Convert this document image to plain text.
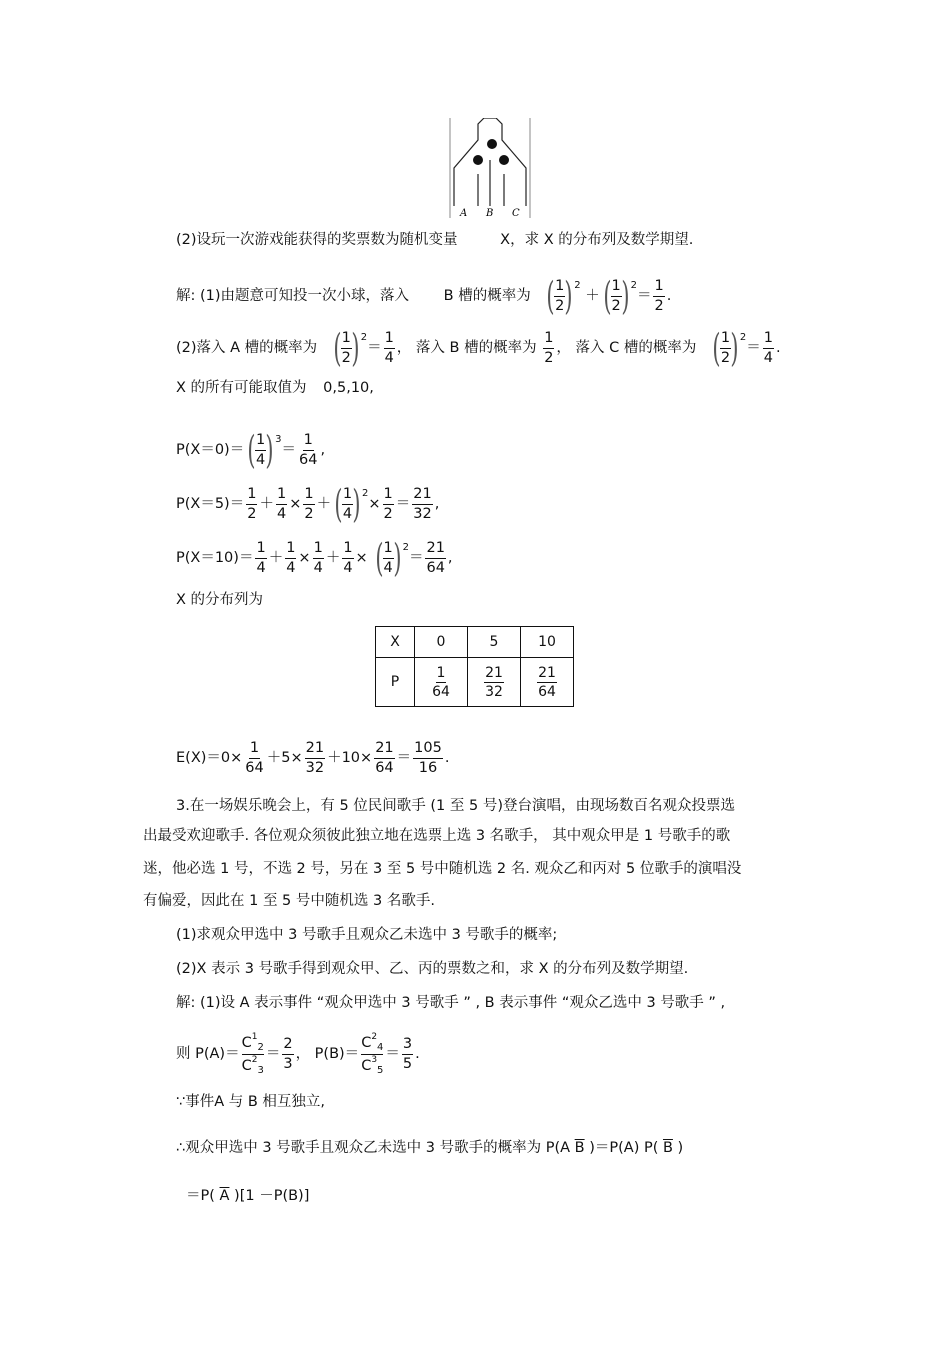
A B C
(2)设玩一次游戏能获得的奖票数为随机变量	X，求 X 的分布列及数学期望.
解: (1)由题意可知投一次小球，落入 B 槽的概率为 ( $\frac{1}{2}$ ) $^2$ ＋ ( $\frac{1}{2}$ ) $^2= \frac{1}{2}$ .
(2)落入 A 槽的概率为 ( $\frac{1}{2}$ ) $^2= \frac{1}{4}$ ， 落入 B 槽的概率为 $\frac{1}{2}$ ， 落入 C 槽的概率为 ( $\frac{1}{2}$ ) $^2= \frac{1}{4}$ .
X 的所有可能取值为 0,5,10,
P(X＝0)＝ ( $\frac{1}{4}$ ) $^3= \frac{1}{64}$ ,
$P(X=5)= \frac{1}{2} + \frac{1}{4} \times \frac{1}{2}$ ＋ ( $\frac{1}{4}$ ) $^2\times \frac{1}{2} = \frac{21}{32}$ ,
$P(X=10)= \frac{1}{4} + \frac{1}{4} \times \frac{1}{4} + \frac{1}{4}$ × ( $\frac{1}{4}$ ) $^2= \frac{21}{64}$ ,
X 的分布列为
X	0	5	10
P	$\frac{1}{64}$	$\frac{21}{32}$	$\frac{21}{64}$
$E(X)=0\times \frac{1}{64} +5\times \frac{21}{32} +10\times \frac{21}{64} = \frac{105}{16}$ .
3.在一场娱乐晚会上，有 5 位民间歌手 (1 至 5 号)登台演唱，由现场数百名观众投票选
出最受欢迎歌手. 各位观众须彼此独立地在选票上选 3 名歌手， 其中观众甲是 1 号歌手的歌
迷，他必选 1 号，不选 2 号，另在 3 至 5 号中随机选 2 名. 观众乙和丙对 5 位歌手的演唱没
有偏爱，因此在 1 至 5 号中随机选 3 名歌手.
(1)求观众甲选中 3 号歌手且观众乙未选中 3 号歌手的概率;
(2)X 表示 3 号歌手得到观众甲、乙、丙的票数之和，求 X 的分布列及数学期望.
解: (1)设 A 表示事件 “观众甲选中 3 号歌手 ” , B 表示事件 “观众乙选中 3 号歌手 ” ,
则 $P(A)= \frac{C^1_2}{C^2_3} = \frac{2}{3}$ ， $P(B)= \frac{C^2_4}{C^3_5} = \frac{3}{5}$ .
∵事件A 与 B 相互独立,
∴观众甲选中 3 号歌手且观众乙未选中 3 号歌手的概率为 P(A $\overline{B}$ )＝P(A) P( $\overline{B}$ )
＝P( $\overline{A}$ )[1 －P(B)]
